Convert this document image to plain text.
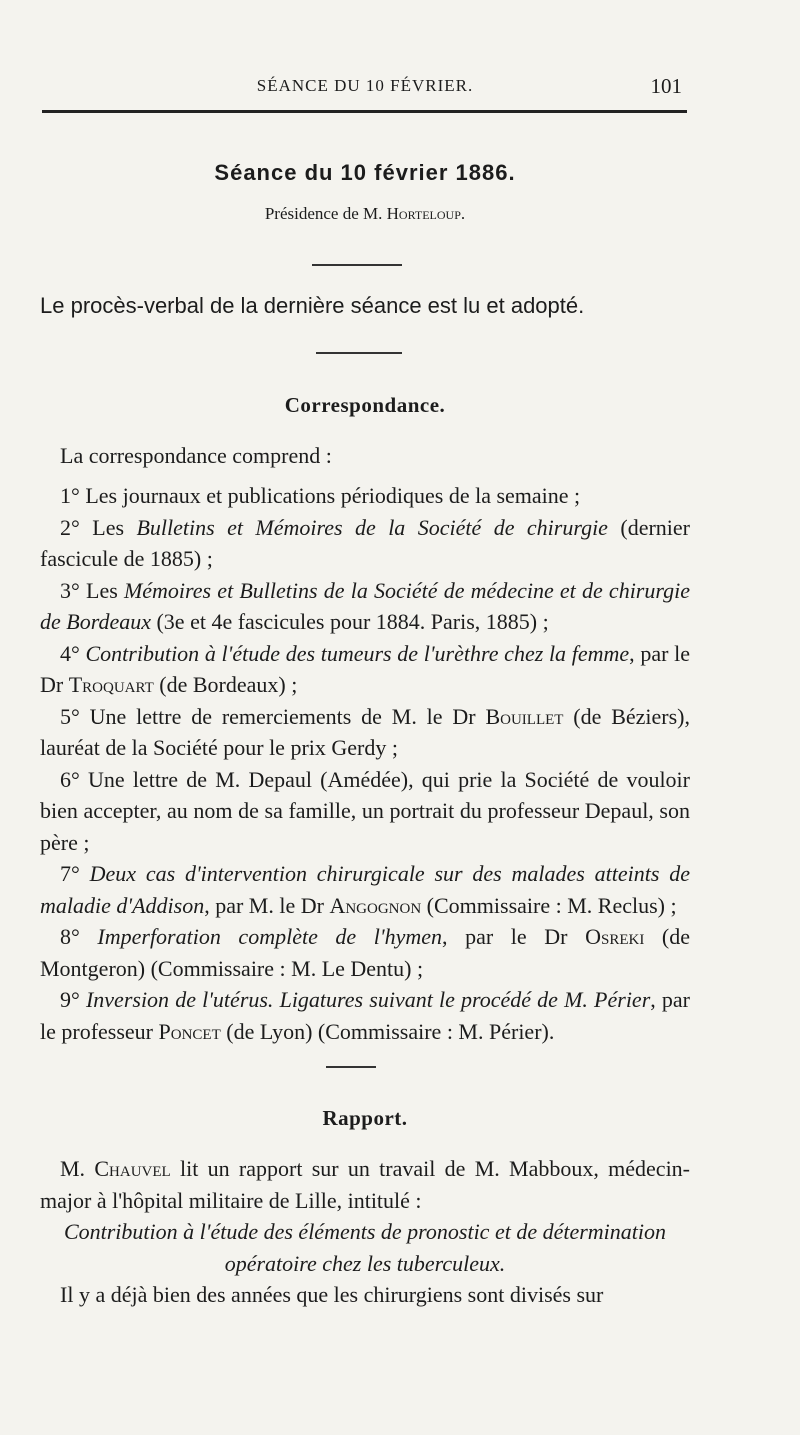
SÉANCE DU 10 FÉVRIER.	101
Séance du 10 février 1886.
Présidence de M. Horteloup.
Le procès-verbal de la dernière séance est lu et adopté.
Correspondance.

La correspondance comprend :

1° Les journaux et publications périodiques de la semaine ;

2° Les Bulletins et Mémoires de la Société de chirurgie (dernier fascicule de 1885) ;

3° Les Mémoires et Bulletins de la Société de médecine et de chirurgie de Bordeaux (3e et 4e fascicules pour 1884. Paris, 1885) ;

4° Contribution à l'étude des tumeurs de l'urèthre chez la femme, par le Dr Troquart (de Bordeaux) ;

5° Une lettre de remerciements de M. le Dr Bouillet (de Béziers), lauréat de la Société pour le prix Gerdy ;

6° Une lettre de M. Depaul (Amédée), qui prie la Société de vouloir bien accepter, au nom de sa famille, un portrait du professeur Depaul, son père ;

7° Deux cas d'intervention chirurgicale sur des malades atteints de maladie d'Addison, par M. le Dr Angognon (Commissaire : M. Reclus) ;

8° Imperforation complète de l'hymen, par le Dr Osreki (de Montgeron) (Commissaire : M. Le Dentu) ;

9° Inversion de l'utérus. Ligatures suivant le procédé de M. Périer, par le professeur Poncet (de Lyon) (Commissaire : M. Périer).

Rapport.

M. Chauvel lit un rapport sur un travail de M. Mabboux, médecin-major à l'hôpital militaire de Lille, intitulé :

Contribution à l'étude des éléments de pronostic et de détermination opératoire chez les tuberculeux.

Il y a déjà bien des années que les chirurgiens sont divisés sur
